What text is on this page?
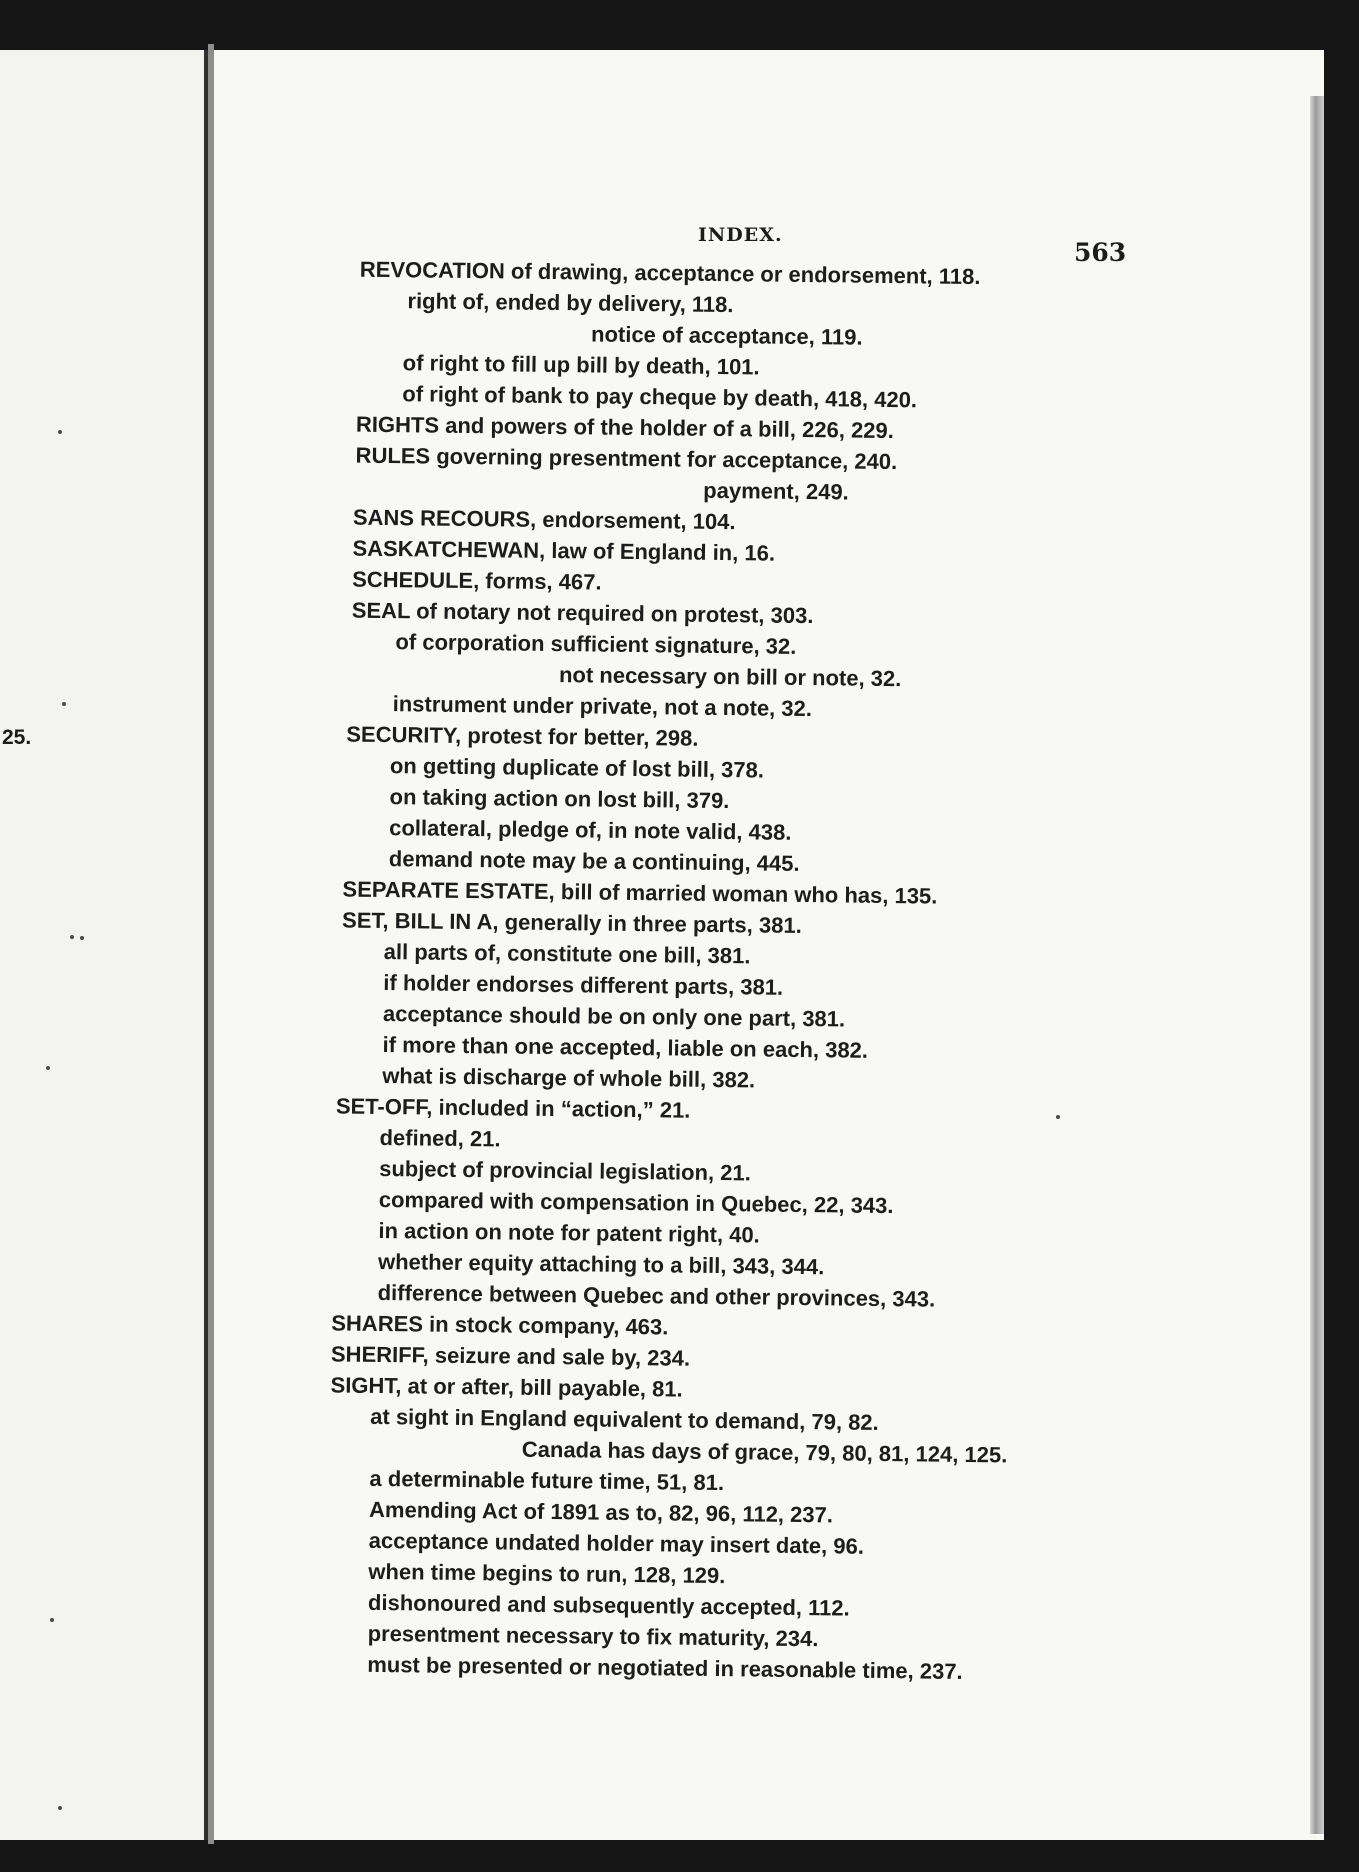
25.
INDEX.
563
REVOCATION of drawing, acceptance or endorsement, 118.
right of, ended by delivery, 118.
notice of acceptance, 119.
of right to fill up bill by death, 101.
of right of bank to pay cheque by death, 418, 420.
RIGHTS and powers of the holder of a bill, 226, 229.
RULES governing presentment for acceptance, 240.
payment, 249.
SANS RECOURS, endorsement, 104.
SASKATCHEWAN, law of England in, 16.
SCHEDULE, forms, 467.
SEAL of notary not required on protest, 303.
of corporation sufficient signature, 32.
not necessary on bill or note, 32.
instrument under private, not a note, 32.
SECURITY, protest for better, 298.
on getting duplicate of lost bill, 378.
on taking action on lost bill, 379.
collateral, pledge of, in note valid, 438.
demand note may be a continuing, 445.
SEPARATE ESTATE, bill of married woman who has, 135.
SET, BILL IN A, generally in three parts, 381.
all parts of, constitute one bill, 381.
if holder endorses different parts, 381.
acceptance should be on only one part, 381.
if more than one accepted, liable on each, 382.
what is discharge of whole bill, 382.
SET-OFF, included in “action,” 21.
defined, 21.
subject of provincial legislation, 21.
compared with compensation in Quebec, 22, 343.
in action on note for patent right, 40.
whether equity attaching to a bill, 343, 344.
difference between Quebec and other provinces, 343.
SHARES in stock company, 463.
SHERIFF, seizure and sale by, 234.
SIGHT, at or after, bill payable, 81.
at sight in England equivalent to demand, 79, 82.
Canada has days of grace, 79, 80, 81, 124, 125.
a determinable future time, 51, 81.
Amending Act of 1891 as to, 82, 96, 112, 237.
acceptance undated holder may insert date, 96.
when time begins to run, 128, 129.
dishonoured and subsequently accepted, 112.
presentment necessary to fix maturity, 234.
must be presented or negotiated in reasonable time, 237.
